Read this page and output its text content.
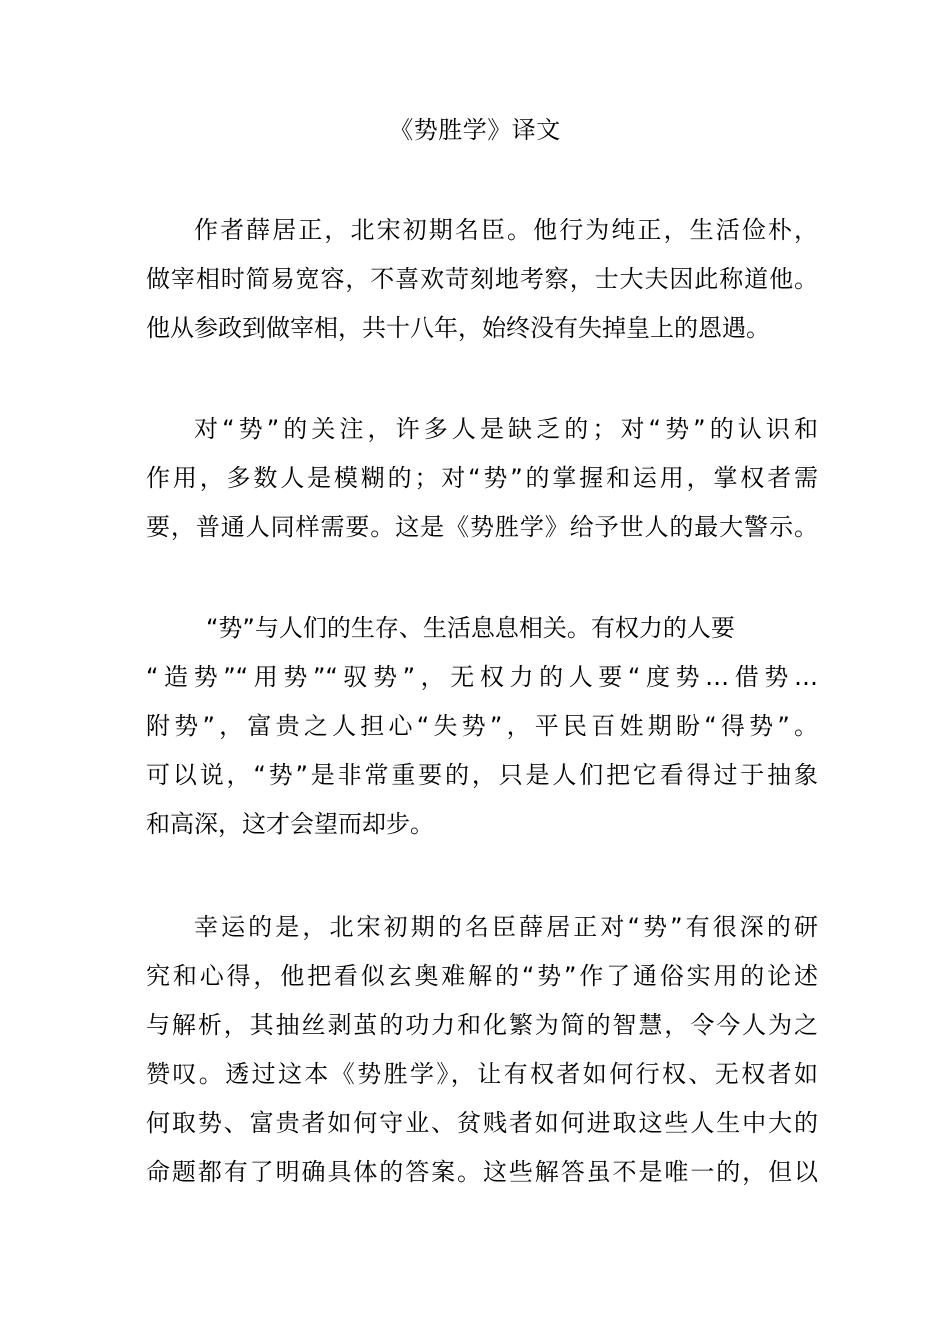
《势胜学》译文
作者薛居正，北宋初期名臣。他行为纯正，生活俭朴，
做宰相时简易宽容，不喜欢苛刻地考察，士大夫因此称道他。
他从参政到做宰相，共十八年，始终没有失掉皇上的恩遇。
对“势”的关注，许多人是缺乏的；对“势”的认识和
作用，多数人是模糊的；对“势”的掌握和运用，掌权者需
要，普通人同样需要。这是《势胜学》给予世人的最大警示。
“势”与人们的生存、生活息息相关。有权力的人要
“造势”“用势”“驭势”，无权力的人要“度势…借势…
附势”，富贵之人担心“失势”，平民百姓期盼“得势”。
可以说，“势”是非常重要的，只是人们把它看得过于抽象
和高深，这才会望而却步。
幸运的是，北宋初期的名臣薛居正对“势”有很深的研
究和心得，他把看似玄奥难解的“势”作了通俗实用的论述
与解析，其抽丝剥茧的功力和化繁为简的智慧，令今人为之
赞叹。透过这本《势胜学》，让有权者如何行权、无权者如
何取势、富贵者如何守业、贫贱者如何进取这些人生中大的
命题都有了明确具体的答案。这些解答虽不是唯一的，但以
